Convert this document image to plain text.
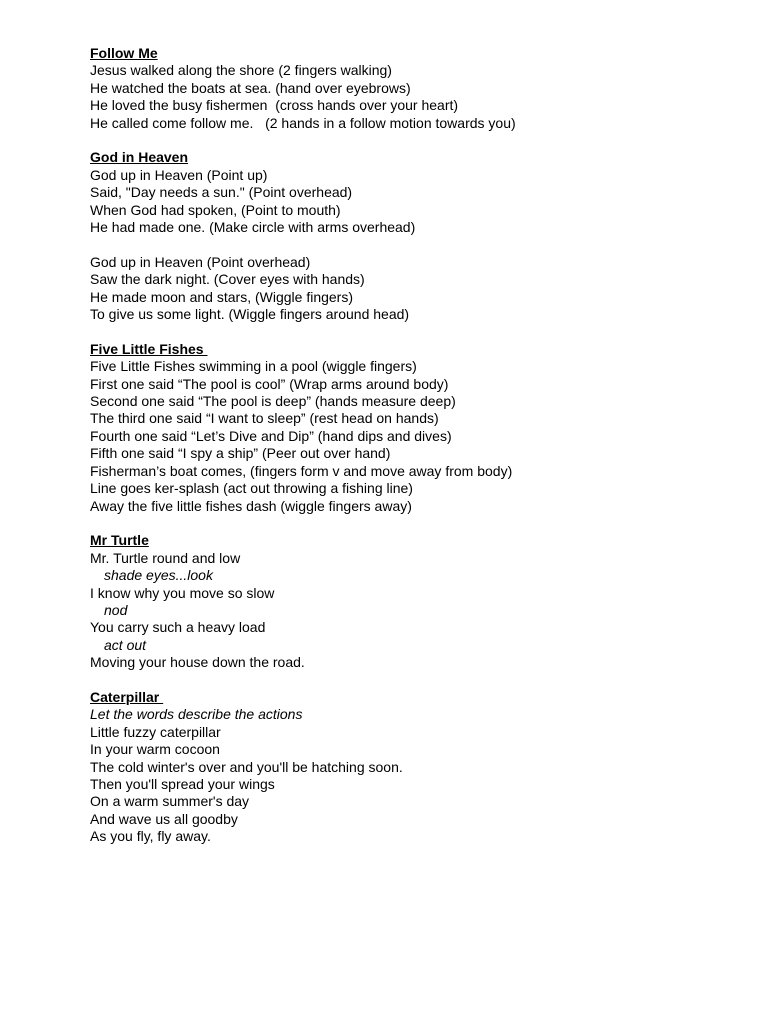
Follow Me
Jesus walked along the shore (2 fingers walking)
He watched the boats at sea. (hand over eyebrows)
He loved the busy fishermen  (cross hands over your heart)
He called come follow me.   (2 hands in a follow motion towards you)
God in Heaven
God up in Heaven (Point up)
Said, "Day needs a sun." (Point overhead)
When God had spoken, (Point to mouth)
He had made one. (Make circle with arms overhead)
God up in Heaven (Point overhead)
Saw the dark night. (Cover eyes with hands)
He made moon and stars, (Wiggle fingers)
To give us some light. (Wiggle fingers around head)
Five Little Fishes
Five Little Fishes swimming in a pool (wiggle fingers)
First one said “The pool is cool” (Wrap arms around body)
Second one said “The pool is deep” (hands measure deep)
The third one said “I want to sleep” (rest head on hands)
Fourth one said “Let’s Dive and Dip” (hand dips and dives)
Fifth one said “I spy a ship” (Peer out over hand)
Fisherman’s boat comes, (fingers form v and move away from body)
Line goes ker-splash (act out throwing a fishing line)
Away the five little fishes dash (wiggle fingers away)
Mr Turtle
Mr. Turtle round and low
shade eyes...look
I know why you move so slow
nod
You carry such a heavy load
act out
Moving your house down the road.
Caterpillar
Let the words describe the actions
Little fuzzy caterpillar
In your warm cocoon
The cold winter's over and you'll be hatching soon.
Then you'll spread your wings
On a warm summer's day
And wave us all goodby
As you fly, fly away.
